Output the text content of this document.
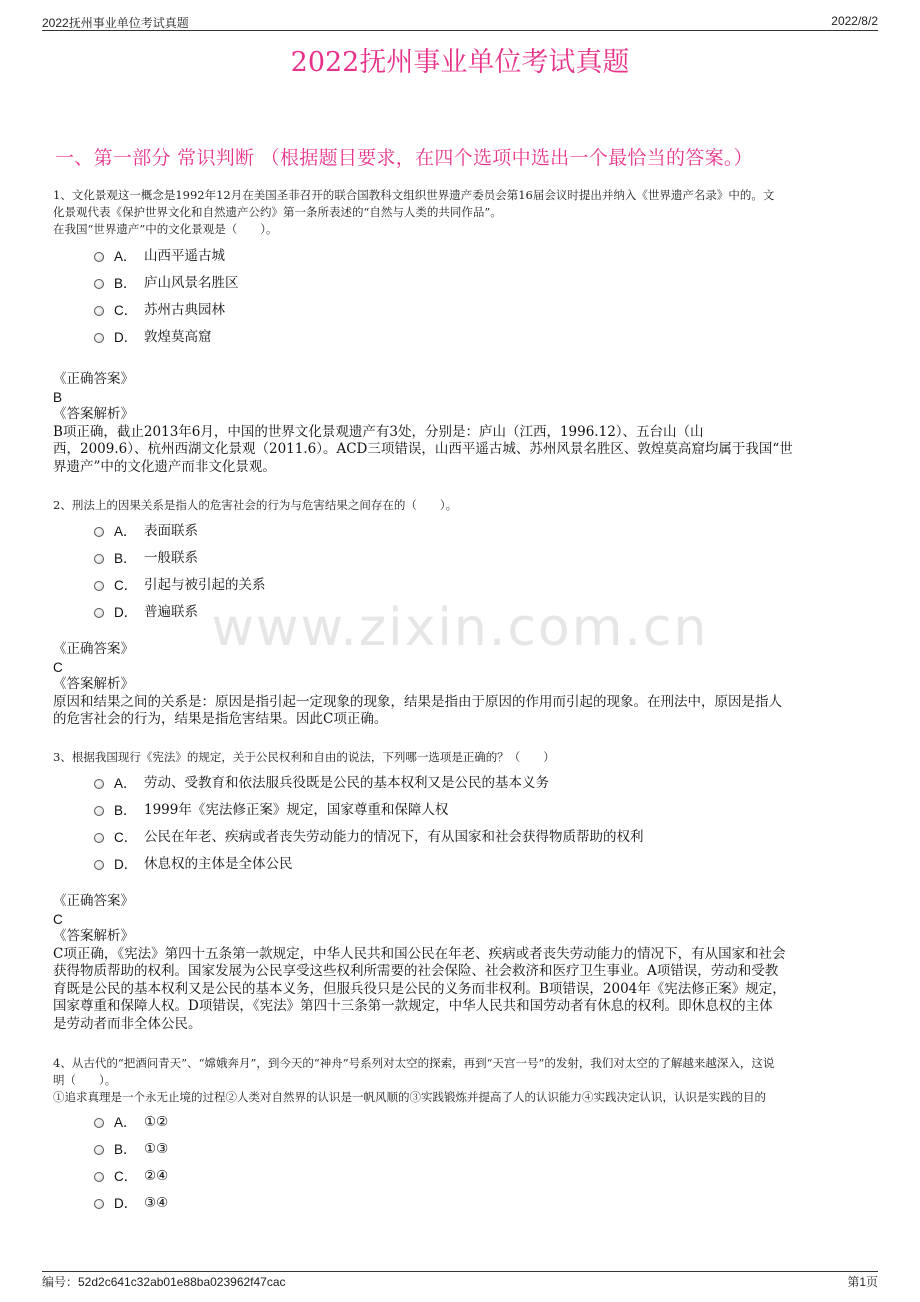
2022抚州事业单位考试真题	2022/8/2
2022抚州事业单位考试真题
一、第一部分 常识判断 （根据题目要求，在四个选项中选出一个最恰当的答案。）
www.zixin.com.cn

1、文化景观这一概念是1992年12月在美国圣菲召开的联合国教科文组织世界遗产委员会第16届会议时提出并纳入《世界遗产名录》中的。文
化景观代表《保护世界文化和自然遗产公约》第一条所表述的“自然与人类的共同作品”。
在我国“世界遗产”中的文化景观是（　　）。

A． 山西平遥古城
B． 庐山风景名胜区
C． 苏州古典园林
D． 敦煌莫高窟

《正确答案》

B

《答案解析》

B项正确，截止2013年6月，中国的世界文化景观遗产有3处，分别是：庐山（江西，1996.12）、五台山（山

西，2009.6）、杭州西湖文化景观（2011.6）。ACD三项错误，山西平遥古城、苏州风景名胜区、敦煌莫高窟均属于我国“世

界遗产”中的文化遗产而非文化景观。

2、刑法上的因果关系是指人的危害社会的行为与危害结果之间存在的（　　）。

A． 表面联系
B． 一般联系
C． 引起与被引起的关系
D． 普遍联系

《正确答案》

C

《答案解析》

原因和结果之间的关系是：原因是指引起一定现象的现象，结果是指由于原因的作用而引起的现象。在刑法中，原因是指人

的危害社会的行为，结果是指危害结果。因此C项正确。

3、根据我国现行《宪法》的规定，关于公民权利和自由的说法，下列哪一选项是正确的？（　　）

A． 劳动、受教育和依法服兵役既是公民的基本权利又是公民的基本义务
B． 1999年《宪法修正案》规定，国家尊重和保障人权
C． 公民在年老、疾病或者丧失劳动能力的情况下，有从国家和社会获得物质帮助的权利
D． 休息权的主体是全体公民

《正确答案》

C

《答案解析》

C项正确，《宪法》第四十五条第一款规定，中华人民共和国公民在年老、疾病或者丧失劳动能力的情况下，有从国家和社会

获得物质帮助的权利。国家发展为公民享受这些权利所需要的社会保险、社会救济和医疗卫生事业。A项错误，劳动和受教

育既是公民的基本权利又是公民的基本义务，但服兵役只是公民的义务而非权利。B项错误，2004年《宪法修正案》规定，

国家尊重和保障人权。D项错误，《宪法》第四十三条第一款规定，中华人民共和国劳动者有休息的权利。即休息权的主体

是劳动者而非全体公民。

4、从古代的“把酒问青天”、“嫦娥奔月”，到今天的“神舟”号系列对太空的探索，再到“天宫一号”的发射，我们对太空的了解越来越深入，这说
明（　　）。
①追求真理是一个永无止境的过程②人类对自然界的认识是一帆风顺的③实践锻炼并提高了人的认识能力④实践决定认识，认识是实践的目的

A． ①②
B． ①③
C． ②④
D． ③④
编号：52d2c641c32ab01e88ba023962f47cac	第1页
